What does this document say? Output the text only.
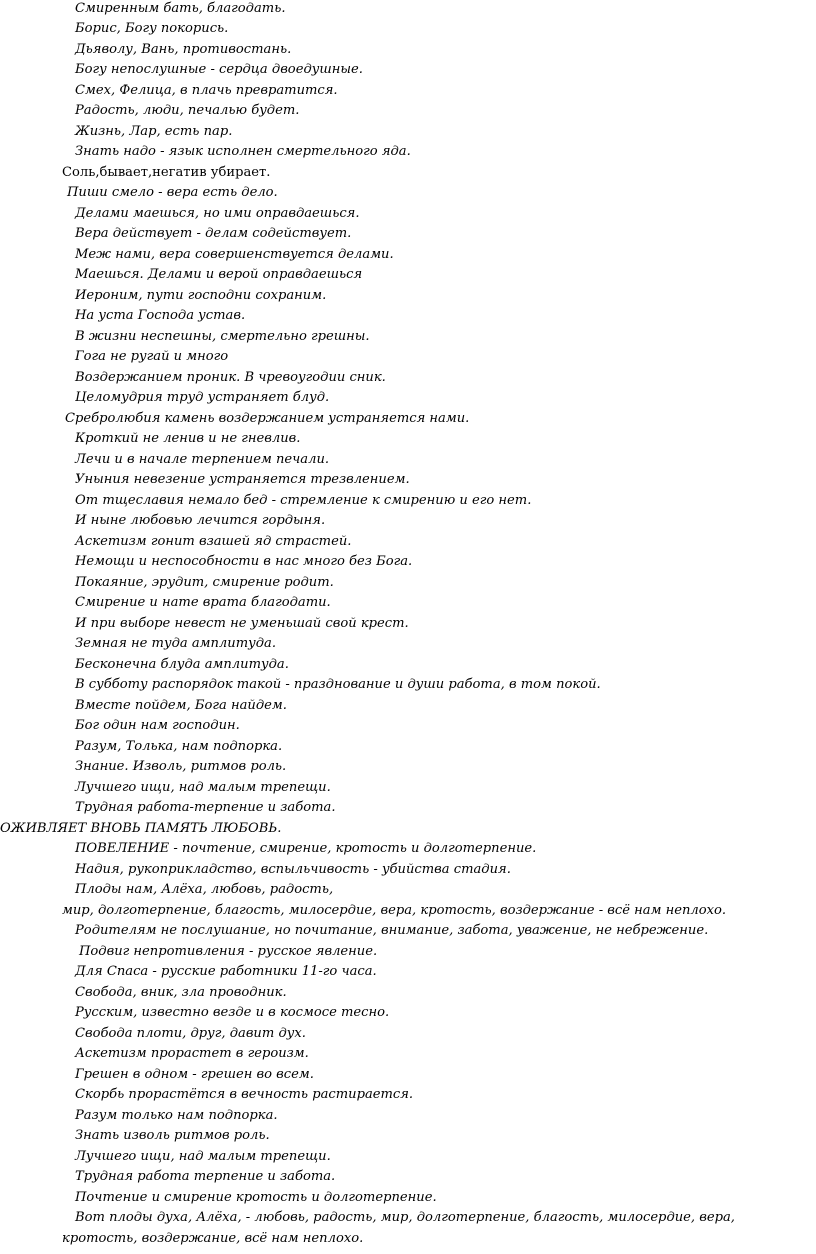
Смиренным бать, благодать.
Борис, Богу покорись.
Дьяволу, Вань, противостань.
Богу непослушные - сердца двоедушные.
Смех, Фелица, в плачь превратится.
Радость, люди, печалью будет.
Жизнь, Лар, есть пар.
Знать надо - язык исполнен смертельного яда.
Соль,бывает,негатив убирает.
Пиши смело - вера есть дело.
Делами маешься, но ими оправдаешься.
Вера действует - делам содействует.
Меж нами, вера совершенствуется делами.
Маешься. Делами и верой оправдаешься
Иероним, пути господни сохраним.
На уста Господа устав.
В жизни неспешны, смертельно грешны.
Гога не ругай и много
Воздержанием проник. В чревоугодии сник.
Целомудрия труд устраняет блуд.
Сребролюбия камень воздержанием устраняется нами.
Кроткий не ленив и не гневлив.
Лечи и в начале терпением печали.
Уныния невезение устраняется трезвлением.
От тщеславия немало бед - стремление к смирению и его нет.
И ныне любовью лечится гордыня.
Аскетизм гонит взашей яд страстей.
Немощи и неспособности в нас много без Бога.
Покаяние, эрудит, смирение родит.
Смирение и нате врата благодати.
И при выборе невест не уменьшай свой крест.
Земная не туда амплитуда.
Бесконечна блуда амплитуда.
В субботу распорядок такой - празднование и души работа, в том покой.
Вместе пойдем, Бога найдем.
Бог один нам господин.
Разум, Толька, нам подпорка.
Знание. Изволь, ритмов роль.
Лучшего ищи, над малым трепещи.
Трудная работа-терпение и забота.
ОЖИВЛЯЕТ ВНОВЬ ПАМЯТЬ ЛЮБОВЬ.
ПОВЕЛЕНИЕ - почтение, смирение, кротость и долготерпение.
Надия, рукоприкладство, вспыльчивость - убийства стадия.
Плоды нам, Алёха, любовь, радость,
мир, долготерпение, благость, милосердие, вера, кротость, воздержание - всё нам неплохо.
Родителям не послушание, но почитание, внимание, забота, уважение, не небрежение.
Подвиг непротивления - русское явление.
Для Спаса - русские работники 11-го часа.
Свобода, вник, зла проводник.
Русским, известно везде и в космосе тесно.
Свобода плоти, друг, давит дух.
Аскетизм прорастет в героизм.
Грешен в одном - грешен во всем.
Скорбь прорастётся в вечность растирается.
Разум только нам подпорка.
Знать изволь ритмов роль.
Лучшего ищи, над малым трепещи.
Трудная работа терпение и забота.
Почтение и смирение кротость и долготерпение.
Вот плоды духа, Алёха, - любовь, радость, мир, долготерпение, благость, милосердие, вера,
кротость, воздержание, всё нам неплохо.
